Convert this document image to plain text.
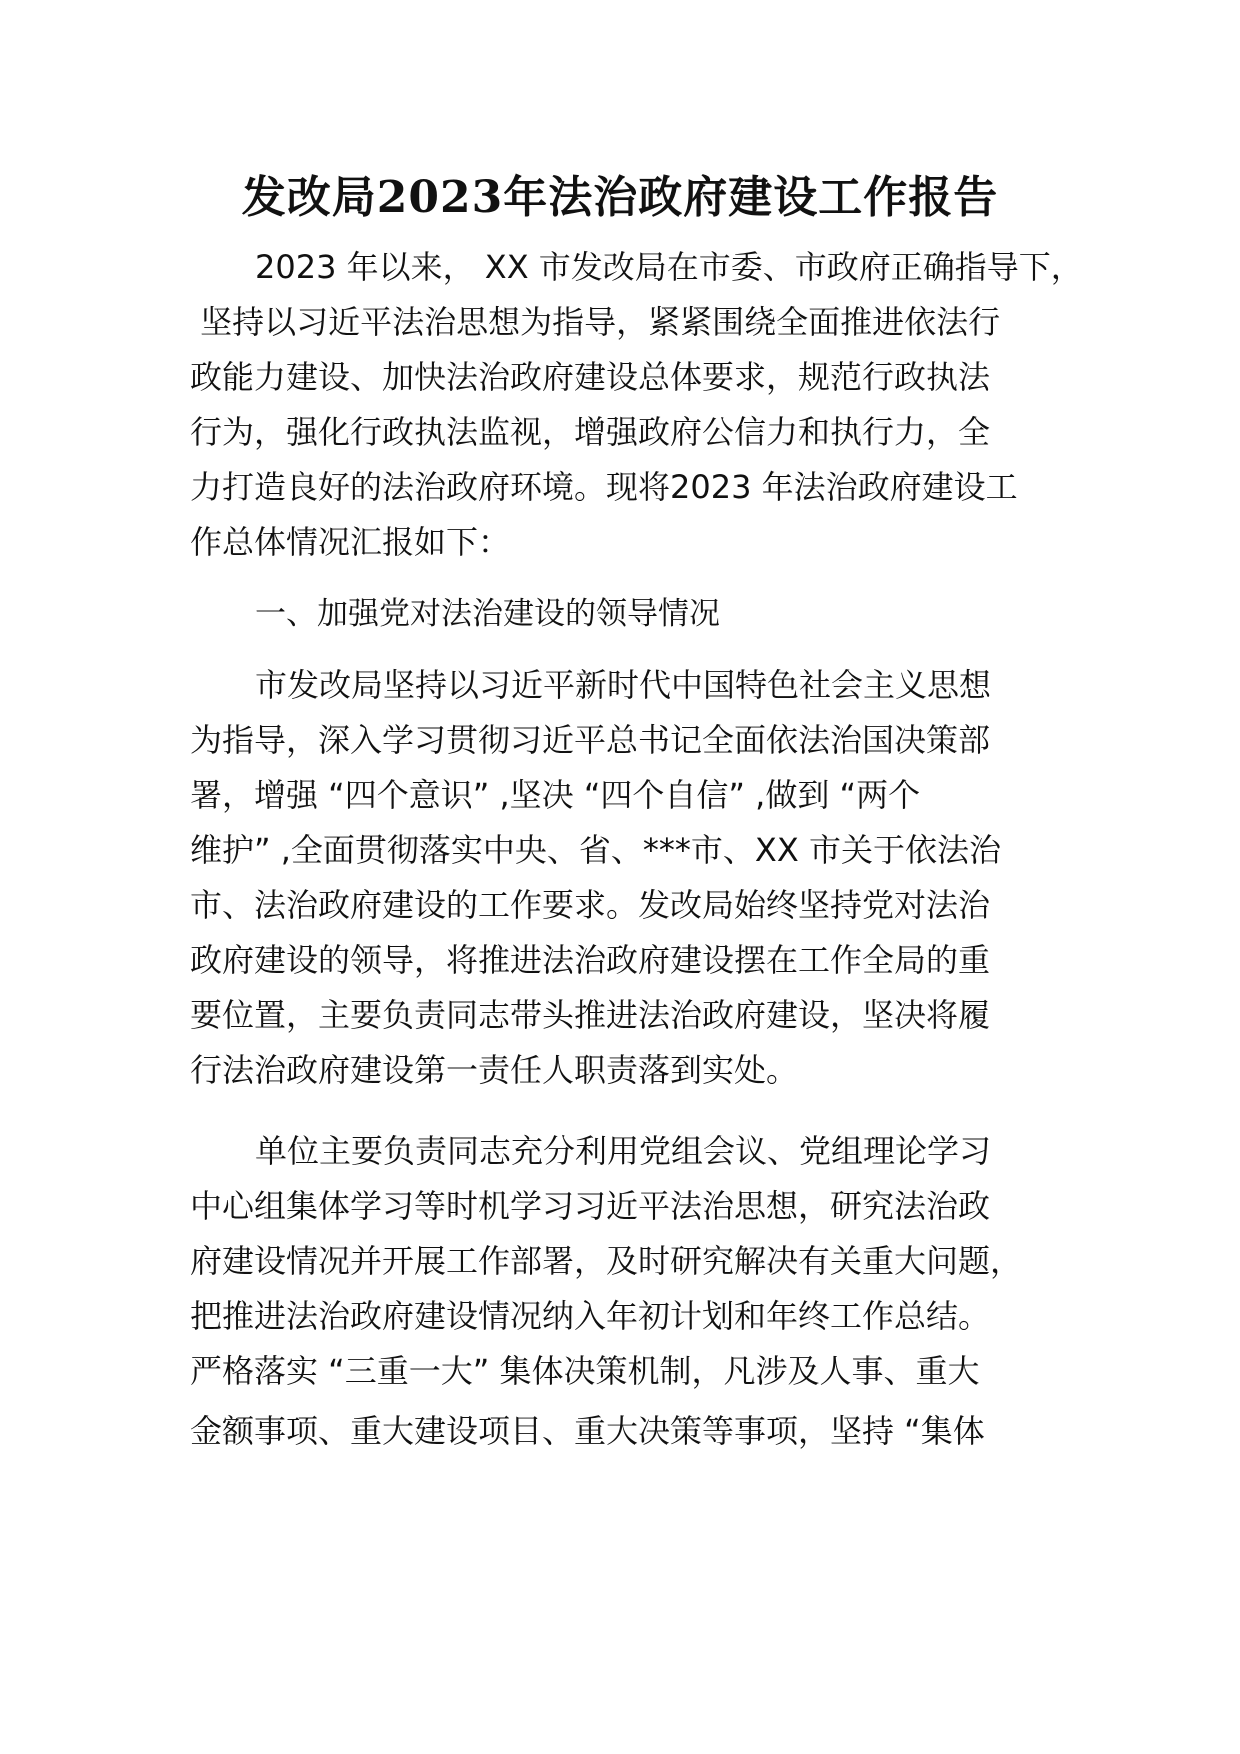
发改局2023年法治政府建设工作报告
2023 年以来， XX 市发改局在市委、市政府正确指导下，
坚持以习近平法治思想为指导，紧紧围绕全面推进依法行
政能力建设、加快法治政府建设总体要求，规范行政执法
行为，强化行政执法监视，增强政府公信力和执行力，全
力打造良好的法治政府环境。现将2023 年法治政府建设工
作总体情况汇报如下：
一、加强党对法治建设的领导情况
市发改局坚持以习近平新时代中国特色社会主义思想
为指导，深入学习贯彻习近平总书记全面依法治国决策部
署，增强 “四个意识” ,坚决 “四个自信” ,做到 “两个
维护” ,全面贯彻落实中央、省、***市、XX 市关于依法治
市、法治政府建设的工作要求。发改局始终坚持党对法治
政府建设的领导，将推进法治政府建设摆在工作全局的重
要位置，主要负责同志带头推进法治政府建设，坚决将履
行法治政府建设第一责任人职责落到实处。
单位主要负责同志充分利用党组会议、党组理论学习
中心组集体学习等时机学习习近平法治思想，研究法治政
府建设情况并开展工作部署，及时研究解决有关重大问题，
把推进法治政府建设情况纳入年初计划和年终工作总结。
严格落实 “三重一大” 集体决策机制，凡涉及人事、重大
金额事项、重大建设项目、重大决策等事项，坚持 “集体
